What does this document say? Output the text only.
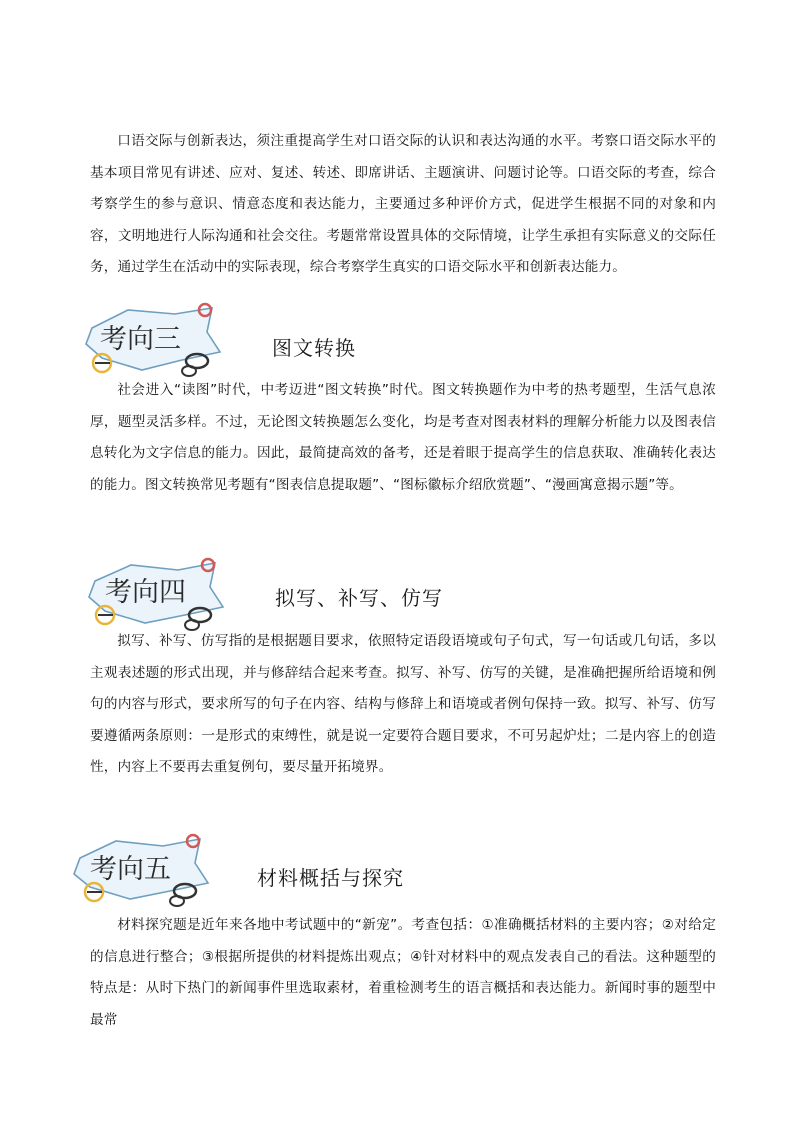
口语交际与创新表达，须注重提高学生对口语交际的认识和表达沟通的水平。考察口语交际水平的基本项目常见有讲述、应对、复述、转述、即席讲话、主题演讲、问题讨论等。口语交际的考查，综合考察学生的参与意识、情意态度和表达能力，主要通过多种评价方式，促进学生根据不同的对象和内容，文明地进行人际沟通和社会交往。考题常常设置具体的交际情境，让学生承担有实际意义的交际任务，通过学生在活动中的实际表现，综合考察学生真实的口语交际水平和创新表达能力。

考向三	图文转换

社会进入“读图”时代，中考迈进“图文转换”时代。图文转换题作为中考的热考题型，生活气息浓厚，题型灵活多样。不过，无论图文转换题怎么变化，均是考查对图表材料的理解分析能力以及图表信息转化为文字信息的能力。因此，最简捷高效的备考，还是着眼于提高学生的信息获取、准确转化表达的能力。图文转换常见考题有“图表信息提取题”、“图标徽标介绍欣赏题”、“漫画寓意揭示题”等。

考向四	拟写、补写、仿写

拟写、补写、仿写指的是根据题目要求，依照特定语段语境或句子句式，写一句话或几句话，多以主观表述题的形式出现，并与修辞结合起来考查。拟写、补写、仿写的关键，是准确把握所给语境和例句的内容与形式，要求所写的句子在内容、结构与修辞上和语境或者例句保持一致。拟写、补写、仿写要遵循两条原则：一是形式的束缚性，就是说一定要符合题目要求，不可另起炉灶；二是内容上的创造性，内容上不要再去重复例句，要尽量开拓境界。

考向五	材料概括与探究

材料探究题是近年来各地中考试题中的“新宠”。考查包括：①准确概括材料的主要内容；②对给定的信息进行整合；③根据所提供的材料提炼出观点；④针对材料中的观点发表自己的看法。这种题型的特点是：从时下热门的新闻事件里选取素材，着重检测考生的语言概括和表达能力。新闻时事的题型中最常
